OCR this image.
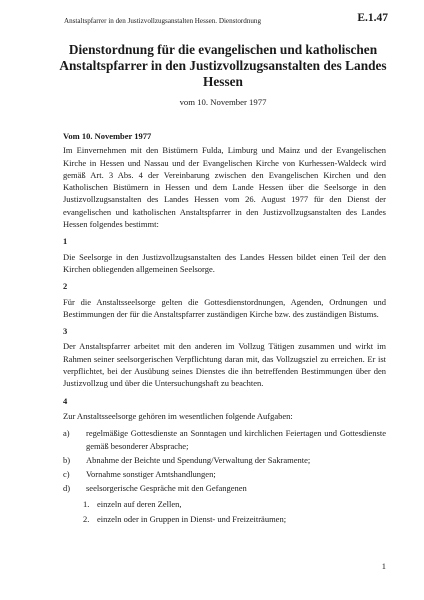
Anstaltspfarrer in den Justizvollzugsanstalten Hessen. Dienstordnung	E.1.47
Dienstordnung für die evangelischen und katholischen Anstaltspfarrer in den Justizvollzugsanstalten des Landes Hessen
vom 10. November 1977
Vom 10. November 1977
Im Einvernehmen mit den Bistümern Fulda, Limburg und Mainz und der Evangelischen Kirche in Hessen und Nassau und der Evangelischen Kirche von Kurhessen-Waldeck wird gemäß Art. 3 Abs. 4 der Vereinbarung zwischen den Evangelischen Kirchen und den Katholischen Bistümern in Hessen und dem Lande Hessen über die Seelsorge in den Justizvollzugsanstalten des Landes Hessen vom 26. August 1977 für den Dienst der evangelischen und katholischen Anstaltspfarrer in den Justizvollzugsanstalten des Landes Hessen folgendes bestimmt:
1
Die Seelsorge in den Justizvollzugsanstalten des Landes Hessen bildet einen Teil der den Kirchen obliegenden allgemeinen Seelsorge.
2
Für die Anstaltsseelsorge gelten die Gottesdienstordnungen, Agenden, Ordnungen und Bestimmungen der für die Anstaltspfarrer zuständigen Kirche bzw. des zuständigen Bistums.
3
Der Anstaltspfarrer arbeitet mit den anderen im Vollzug Tätigen zusammen und wirkt im Rahmen seiner seelsorgerischen Verpflichtung daran mit, das Vollzugsziel zu erreichen. Er ist verpflichtet, bei der Ausübung seines Dienstes die ihn betreffenden Bestimmungen über den Justizvollzug und über die Untersuchungshaft zu beachten.
4
Zur Anstaltsseelsorge gehören im wesentlichen folgende Aufgaben:
a)	regelmäßige Gottesdienste an Sonntagen und kirchlichen Feiertagen und Gottesdienste gemäß besonderer Absprache;
b)	Abnahme der Beichte und Spendung/Verwaltung der Sakramente;
c)	Vornahme sonstiger Amtshandlungen;
d)	seelsorgerische Gespräche mit den Gefangenen
1. einzeln auf deren Zellen,
2. einzeln oder in Gruppen in Dienst- und Freizeiträumen;
1
